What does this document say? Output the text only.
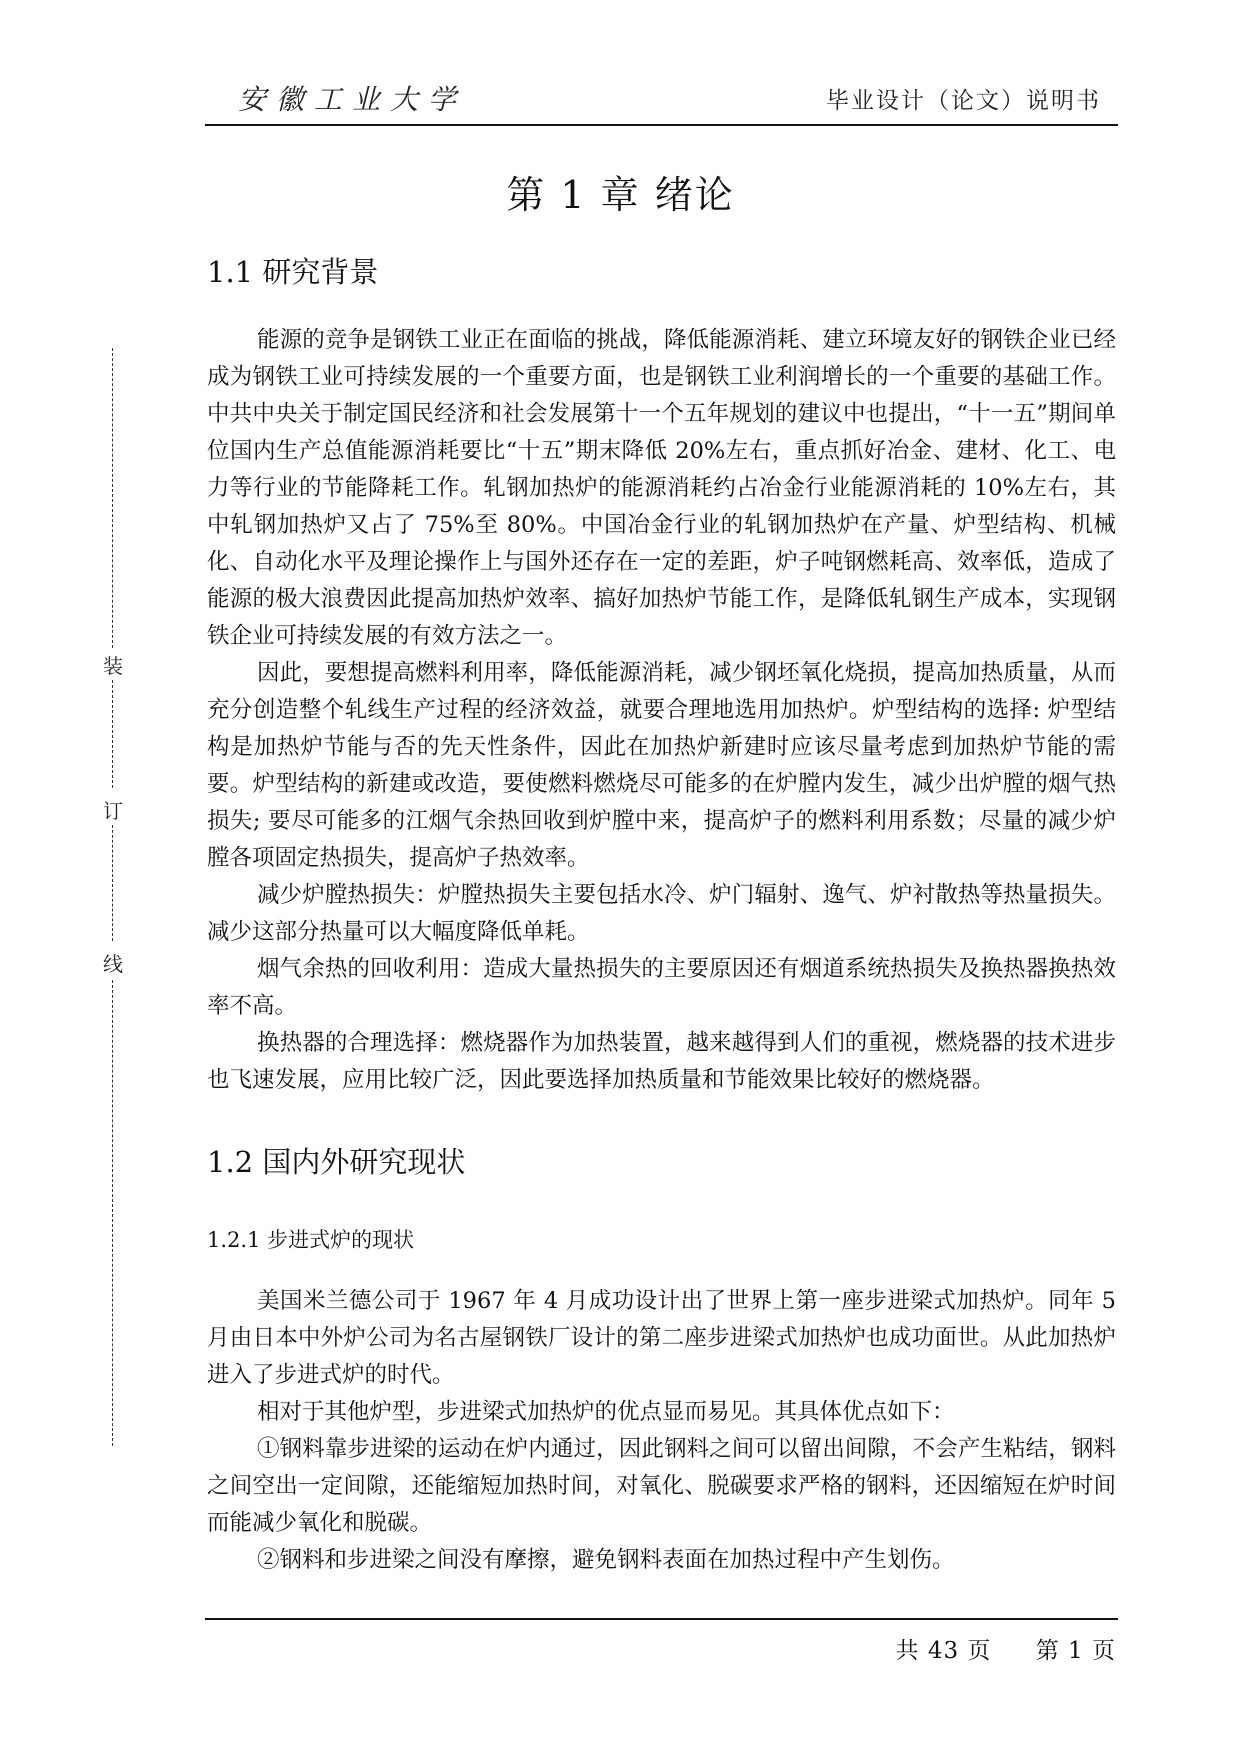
安徽工业大学	毕业设计（论文）说明书
装
订
线
第 1 章 绪论
1.1 研究背景

能源的竞争是钢铁工业正在面临的挑战，降低能源消耗、建立环境友好的钢铁企业已经成为钢铁工业可持续发展的一个重要方面，也是钢铁工业利润增长的一个重要的基础工作。中共中央关于制定国民经济和社会发展第十一个五年规划的建议中也提出，“十一五”期间单位国内生产总值能源消耗要比“十五”期末降低 20%左右，重点抓好冶金、建材、化工、电力等行业的节能降耗工作。轧钢加热炉的能源消耗约占冶金行业能源消耗的 10%左右，其中轧钢加热炉又占了 75%至 80%。中国冶金行业的轧钢加热炉在产量、炉型结构、机械化、自动化水平及理论操作上与国外还存在一定的差距，炉子吨钢燃耗高、效率低，造成了能源的极大浪费因此提高加热炉效率、搞好加热炉节能工作，是降低轧钢生产成本，实现钢铁企业可持续发展的有效方法之一。

因此，要想提高燃料利用率，降低能源消耗，减少钢坯氧化烧损，提高加热质量，从而充分创造整个轧线生产过程的经济效益，就要合理地选用加热炉。炉型结构的选择: 炉型结构是加热炉节能与否的先天性条件，因此在加热炉新建时应该尽量考虑到加热炉节能的需要。炉型结构的新建或改造，要使燃料燃烧尽可能多的在炉膛内发生，减少出炉膛的烟气热损失; 要尽可能多的江烟气余热回收到炉膛中来，提高炉子的燃料利用系数；尽量的减少炉膛各项固定热损失，提高炉子热效率。

减少炉膛热损失：炉膛热损失主要包括水冷、炉门辐射、逸气、炉衬散热等热量损失。减少这部分热量可以大幅度降低单耗。

烟气余热的回收利用：造成大量热损失的主要原因还有烟道系统热损失及换热器换热效率不高。

换热器的合理选择：燃烧器作为加热装置，越来越得到人们的重视，燃烧器的技术进步也飞速发展，应用比较广泛，因此要选择加热质量和节能效果比较好的燃烧器。

1.2 国内外研究现状
1.2.1 步进式炉的现状

美国米兰德公司于 1967 年 4 月成功设计出了世界上第一座步进梁式加热炉。同年 5 月由日本中外炉公司为名古屋钢铁厂设计的第二座步进梁式加热炉也成功面世。从此加热炉进入了步进式炉的时代。

相对于其他炉型，步进梁式加热炉的优点显而易见。其具体优点如下：

①钢料靠步进梁的运动在炉内通过，因此钢料之间可以留出间隙，不会产生粘结，钢料之间空出一定间隙，还能缩短加热时间，对氧化、脱碳要求严格的钢料，还因缩短在炉时间而能减少氧化和脱碳。

②钢料和步进梁之间没有摩擦，避免钢料表面在加热过程中产生划伤。

共 43 页 第 1 页
